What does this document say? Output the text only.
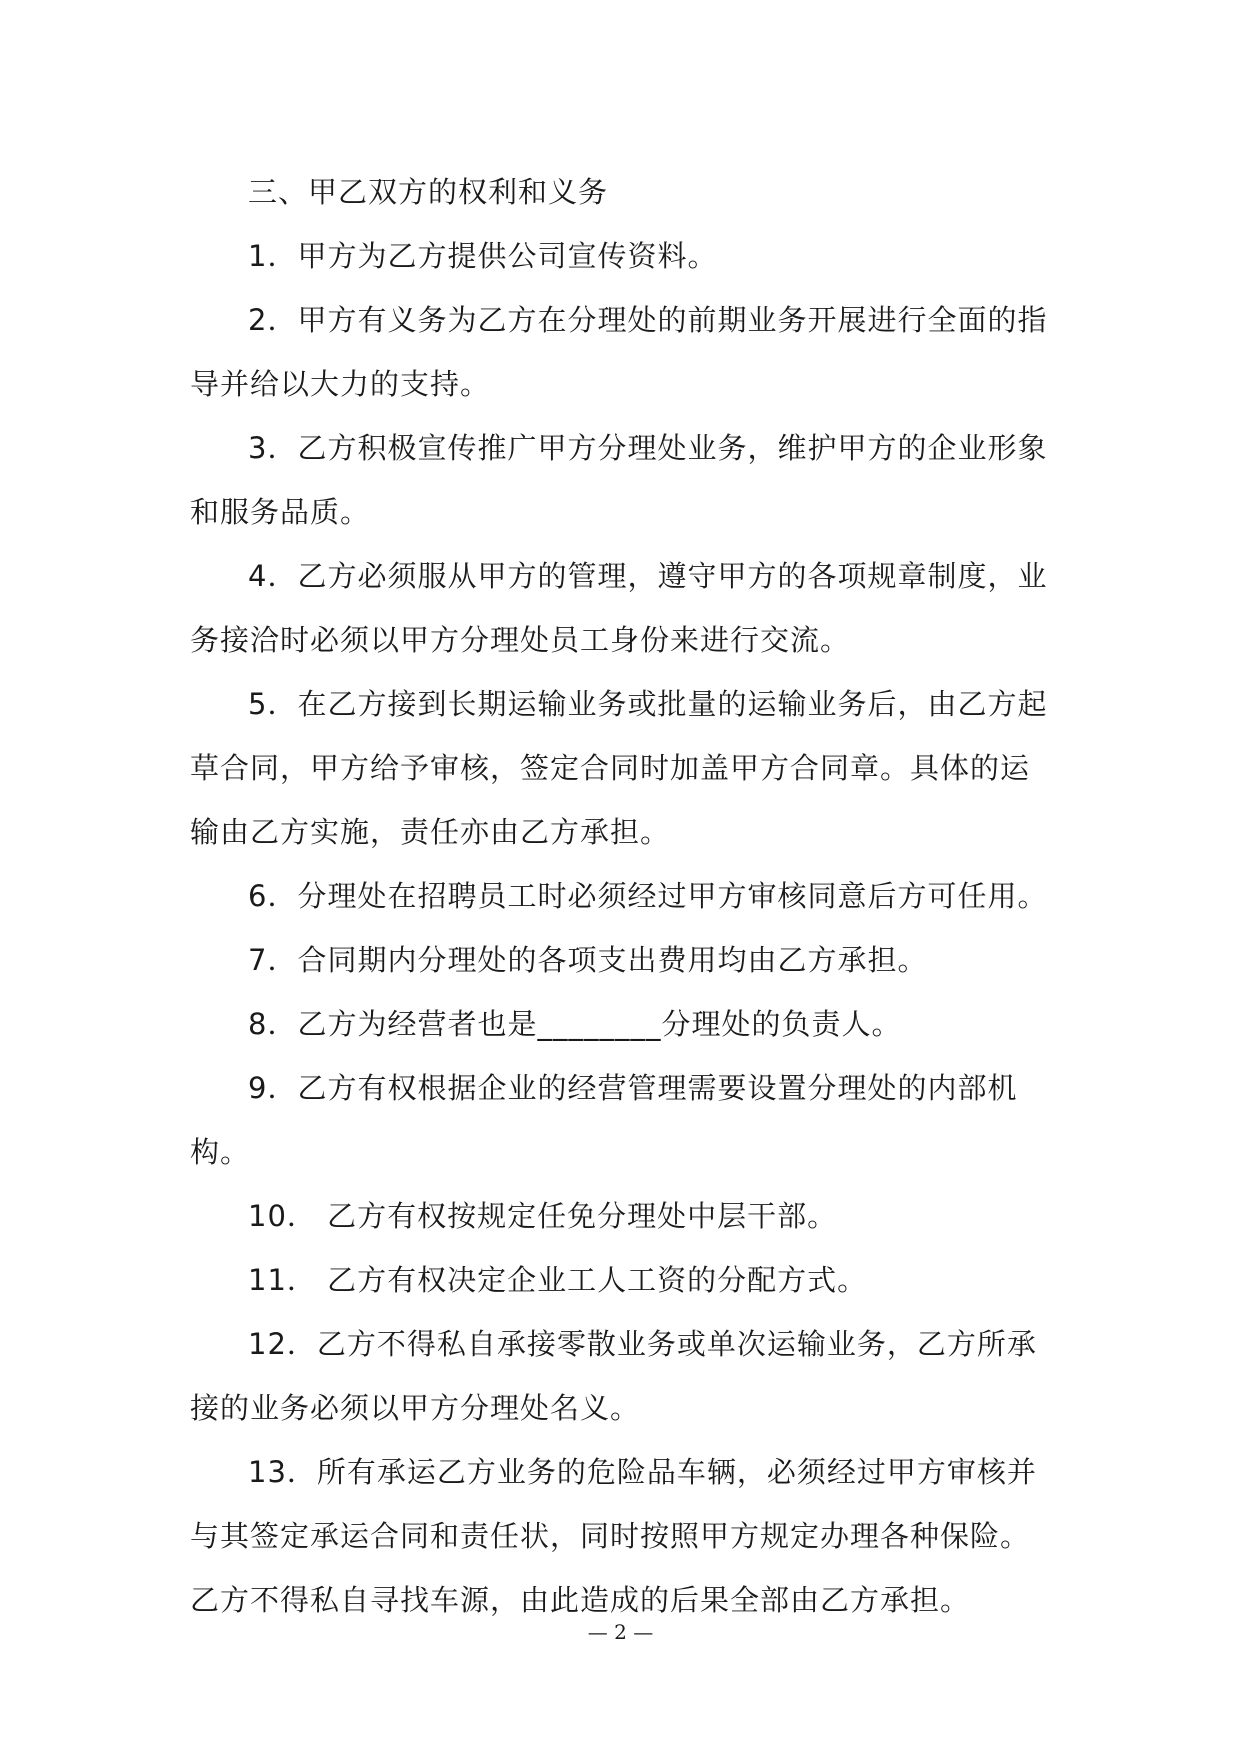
三、甲乙双方的权利和义务

1．甲方为乙方提供公司宣传资料。

2．甲方有义务为乙方在分理处的前期业务开展进行全面的指导并给以大力的支持。

3．乙方积极宣传推广甲方分理处业务，维护甲方的企业形象和服务品质。

4．乙方必须服从甲方的管理，遵守甲方的各项规章制度，业务接洽时必须以甲方分理处员工身份来进行交流。

5．在乙方接到长期运输业务或批量的运输业务后，由乙方起草合同，甲方给予审核，签定合同时加盖甲方合同章。具体的运输由乙方实施，责任亦由乙方承担。

6．分理处在招聘员工时必须经过甲方审核同意后方可任用。

7．合同期内分理处的各项支出费用均由乙方承担。

8．乙方为经营者也是________分理处的负责人。

9．乙方有权根据企业的经营管理需要设置分理处的内部机构。

10． 乙方有权按规定任免分理处中层干部。

11． 乙方有权决定企业工人工资的分配方式。

12．乙方不得私自承接零散业务或单次运输业务，乙方所承接的业务必须以甲方分理处名义。

13．所有承运乙方业务的危险品车辆，必须经过甲方审核并与其签定承运合同和责任状，同时按照甲方规定办理各种保险。乙方不得私自寻找车源，由此造成的后果全部由乙方承担。

— 2 —
